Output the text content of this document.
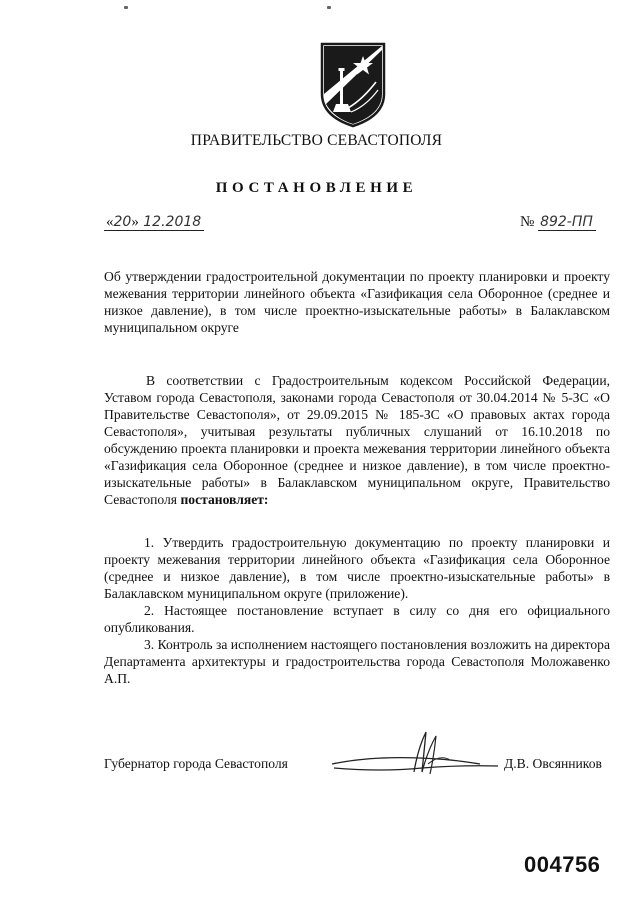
ПРАВИТЕЛЬСТВО СЕВАСТОПОЛЯ
ПОСТАНОВЛЕНИЕ
«20» 12.2018	№ 892-ПП
Об утверждении градостроительной документации по проекту планировки и проекту межевания территории линейного объекта «Газификация села Оборонное (среднее и низкое давление), в том числе проектно-изыскательные работы» в Балаклавском муниципальном округе

В соответствии с Градостроительным кодексом Российской Федерации, Уставом города Севастополя, законами города Севастополя от 30.04.2014 № 5-ЗС «О Правительстве Севастополя», от 29.09.2015 № 185-ЗС «О правовых актах города Севастополя», учитывая результаты публичных слушаний от 16.10.2018 по обсуждению проекта планировки и проекта межевания территории линейного объекта «Газификация села Оборонное (среднее и низкое давление), в том числе проектно-изыскательные работы» в Балаклавском муниципальном округе, Правительство Севастополя постановляет:

1. Утвердить градостроительную документацию по проекту планировки и проекту межевания территории линейного объекта «Газификация села Оборонное (среднее и низкое давление), в том числе проектно-изыскательные работы» в Балаклавском муниципальном округе (приложение).

2. Настоящее постановление вступает в силу со дня его официального опубликования.

3. Контроль за исполнением настоящего постановления возложить на директора Департамента архитектуры и градостроительства города Севастополя Моложавенко А.П.

Губернатор города Севастополя	Д.В. Овсянников
004756
